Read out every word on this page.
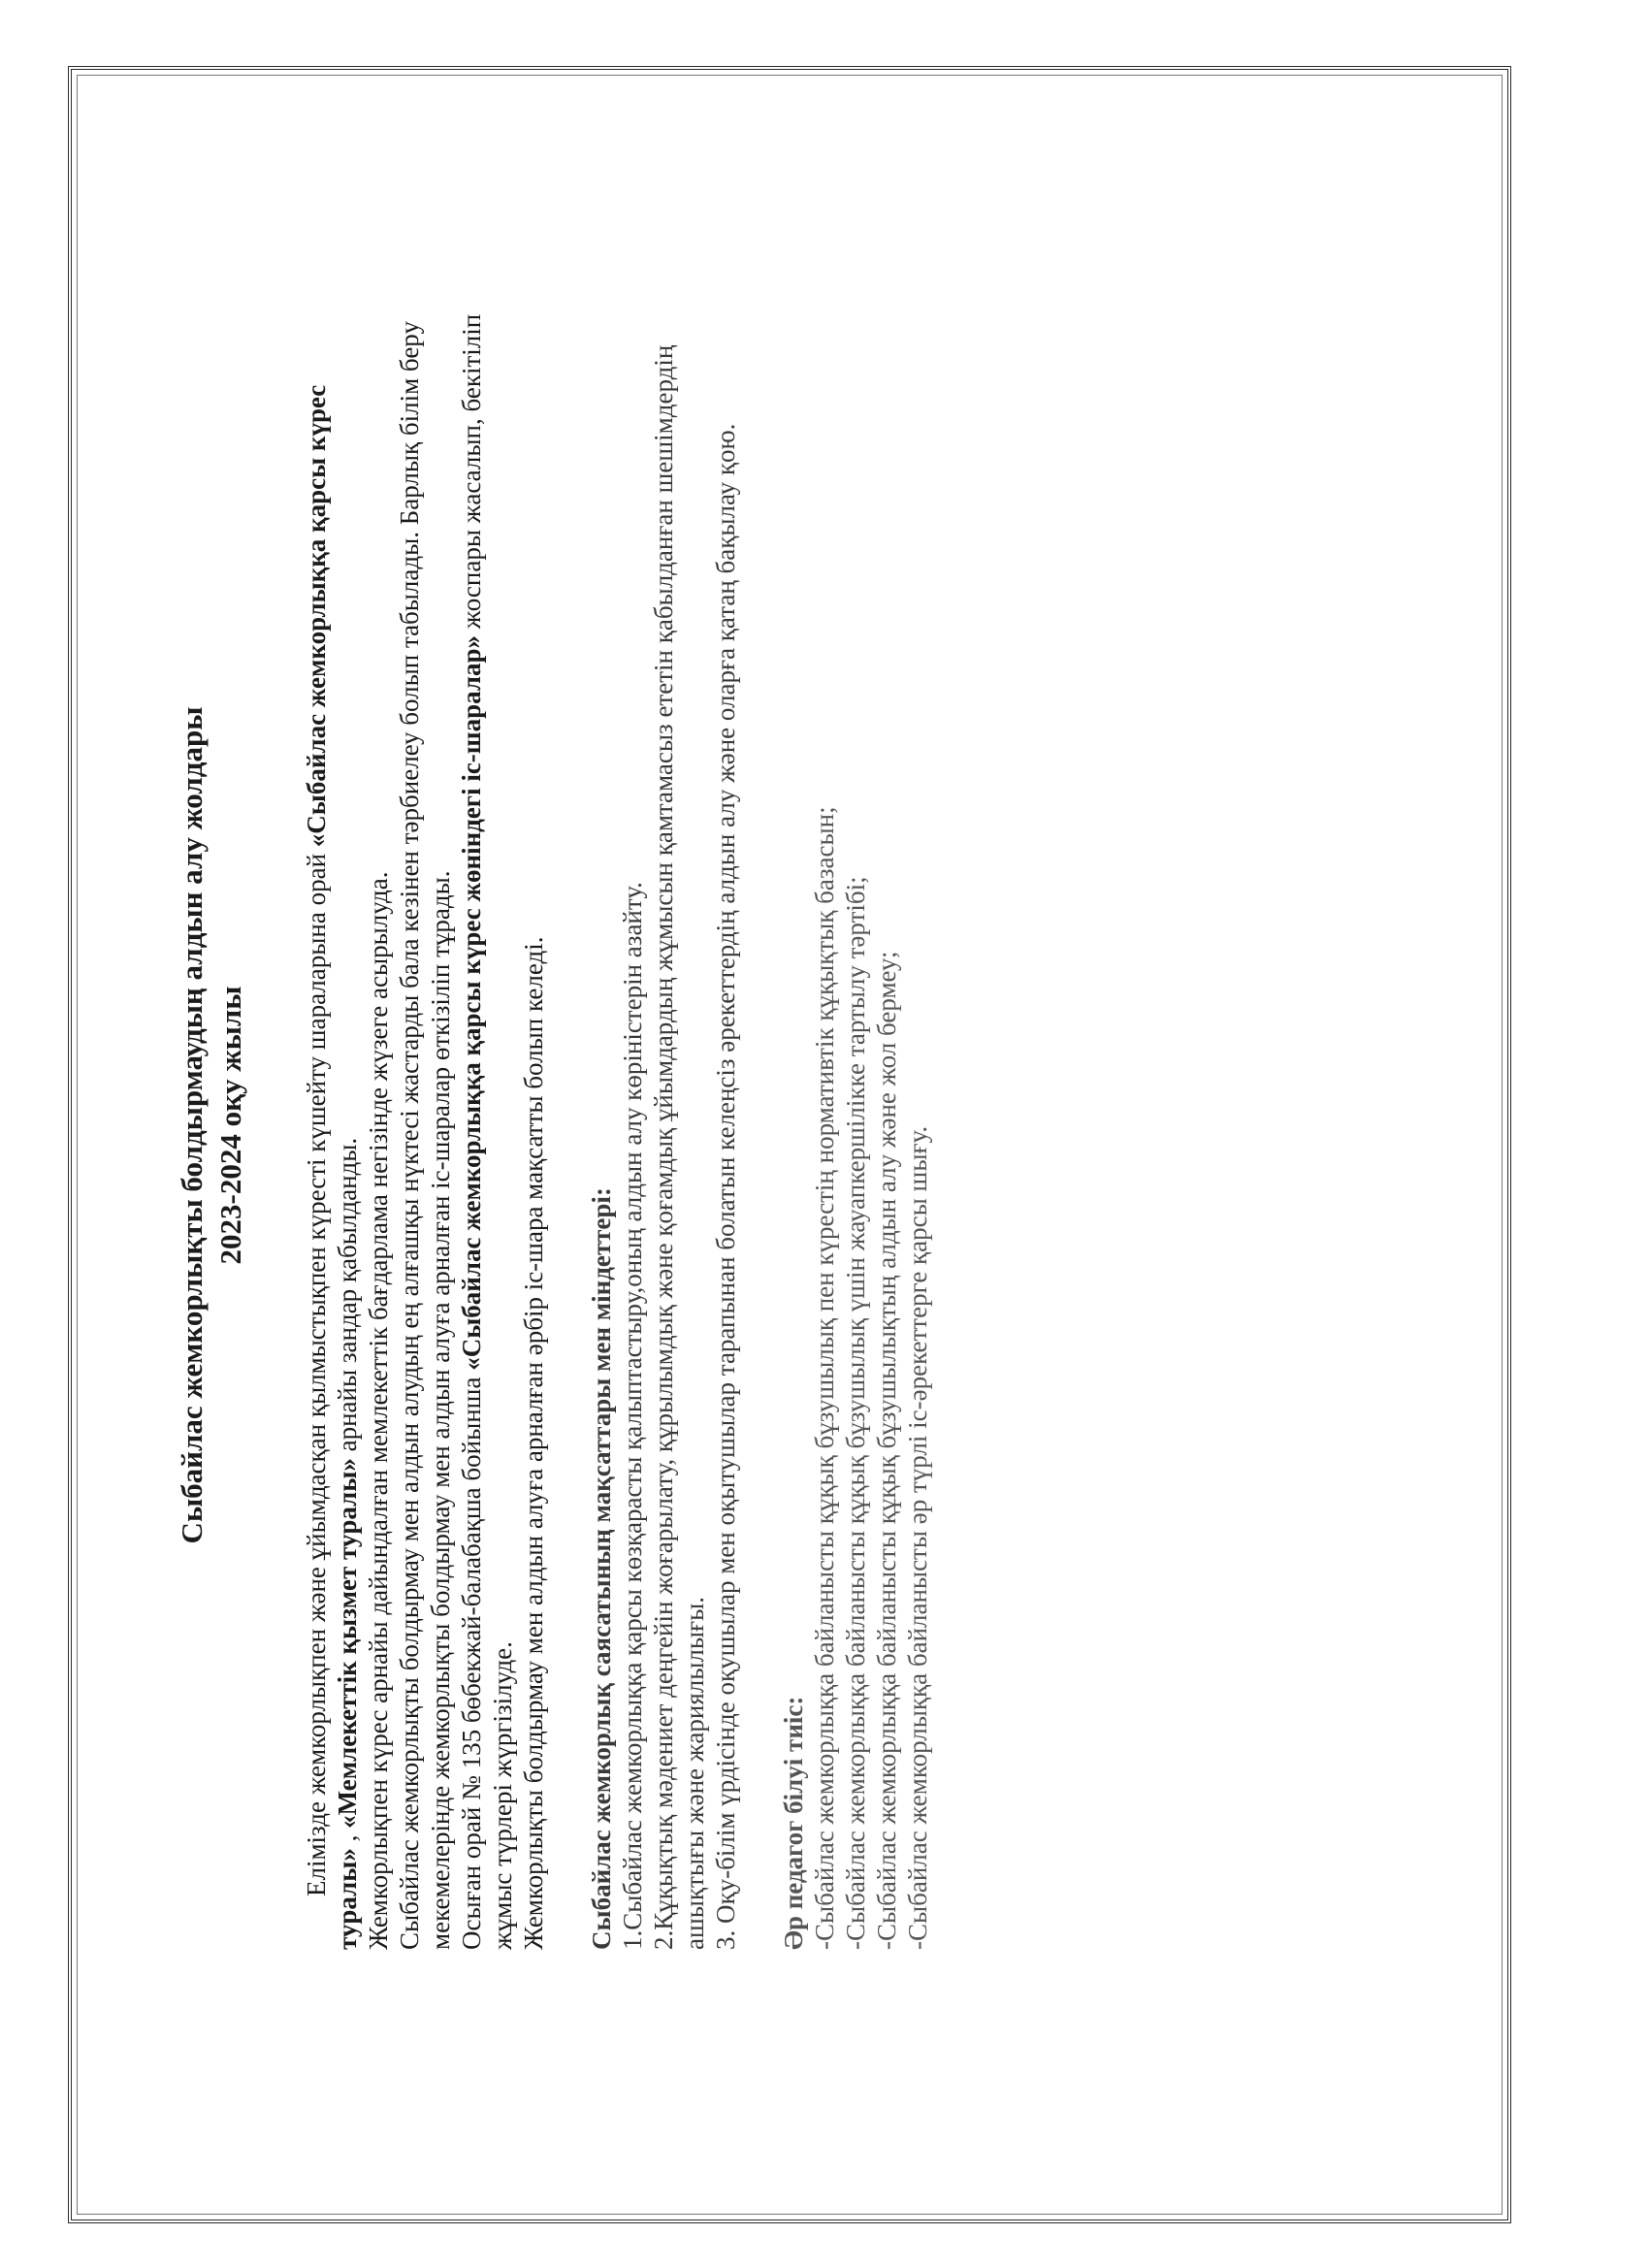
Сыбайлас жемкорлықты болдырмаудың алдын алу жолдары 2023-2024 оқу жылы Елімізде жемкорлықпен және ұйымдасқан қылмыстықпен күресті күшейту шараларына орай «Сыбайлас жемкорлыққа қарсы күрес туралы» , «Мемлекеттік қызмет туралы» арнайы зандар қабылданды. Жемкорлықпен күрес арнайы дайындалған мемлекеттік бағдарлама негізінде жүзеге асырылуда. Сыбайлас жемкорлықты болдырмау мен алдын алудың ең алғашқы нүктесі жастарды бала кезінен тәрбиелеу болып табылады. Барлық білім беру мекемелерінде жемкорлықты болдырмау мен алдын алуға арналған іс-шаралар өткізіліп тұрады. Осыған орай № 135 бөбекжай-балабақша бойынша «Сыбайлас жемкорлыққа қарсы күрес жөніндегі іс-шаралар» жоспары жасалып, бекітіліп жұмыс түрлері жүргізілуде. Жемкорлықты болдырмау мен алдын алуға арналған әрбір іс-шара мақсатты болып келеді. Сыбайлас жемкорлық саясатының мақсаттары мен міндеттері: 1.Сыбайлас жемкорлыққа қарсы көзқарасты қалыптастыру,оның алдын алу көріністерін азайту. 2.Құқықтық мәдениет деңгейін жоғарылату, құрылымдық және қоғамдық ұйымдардың жұмысын қамтамасыз ететін қабылданған шешімдердің ашықтығы және жариялылығы. 3. Оқу-білім үрдісінде оқушылар мен оқытушылар тарапынан болатын келеңсіз әрекеттердің алдын алу және оларға қатаң бақылау қою. Әр педагог білуі тиіс: -Сыбайлас жемкорлыққа байланысты құқық бұзушылық пен күрестің нормативтік құқықтық базасын; -Сыбайлас жемкорлыққа байланысты құқық бұзушылық үшін жауапкершілікке тартылу тәртібі; -Сыбайлас жемкорлыққа байланысты құқық бұзушылықтың алдын алу және жол бермеу; -Сыбайлас жемкорлыққа байланысты әр түрлі іс-әрекеттерге қарсы шығу.
